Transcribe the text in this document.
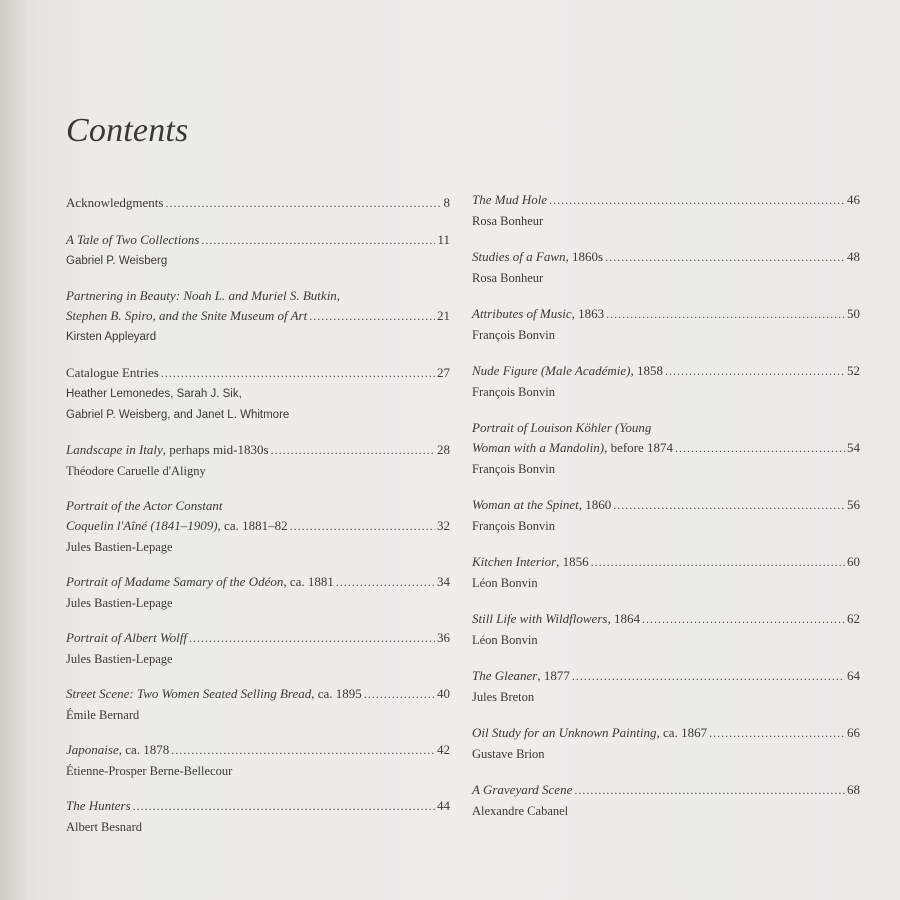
Contents
Acknowledgments .....	8
A Tale of Two Collections .....	11
Gabriel P. Weisberg
Partnering in Beauty: Noah L. and Muriel S. Butkin,
Stephen B. Spiro, and the Snite Museum of Art .....	21
Kirsten Appleyard
Catalogue Entries .....	27
Heather Lemonedes, Sarah J. Sik,
Gabriel P. Weisberg, and Janet L. Whitmore
Landscape in Italy, perhaps mid-1830s .....	28
Théodore Caruelle d'Aligny
Portrait of the Actor Constant
Coquelin l'Aîné (1841–1909), ca. 1881–82 .....	32
Jules Bastien-Lepage
Portrait of Madame Samary of the Odéon, ca. 1881 .....	34
Jules Bastien-Lepage
Portrait of Albert Wolff .....	36
Jules Bastien-Lepage
Street Scene: Two Women Seated Selling Bread, ca. 1895 .....	40
Émile Bernard
Japonaise, ca. 1878 .....	42
Étienne-Prosper Berne-Bellecour
The Hunters .....	44
Albert Besnard
The Mud Hole .....	46
Rosa Bonheur
Studies of a Fawn, 1860s .....	48
Rosa Bonheur
Attributes of Music, 1863 .....	50
François Bonvin
Nude Figure (Male Académie), 1858 .....	52
François Bonvin
Portrait of Louison Köhler (Young
Woman with a Mandolin), before 1874 .....	54
François Bonvin
Woman at the Spinet, 1860 .....	56
François Bonvin
Kitchen Interior, 1856 .....	60
Léon Bonvin
Still Life with Wildflowers, 1864 .....	62
Léon Bonvin
The Gleaner, 1877 .....	64
Jules Breton
Oil Study for an Unknown Painting, ca. 1867 .....	66
Gustave Brion
A Graveyard Scene .....	68
Alexandre Cabanel
